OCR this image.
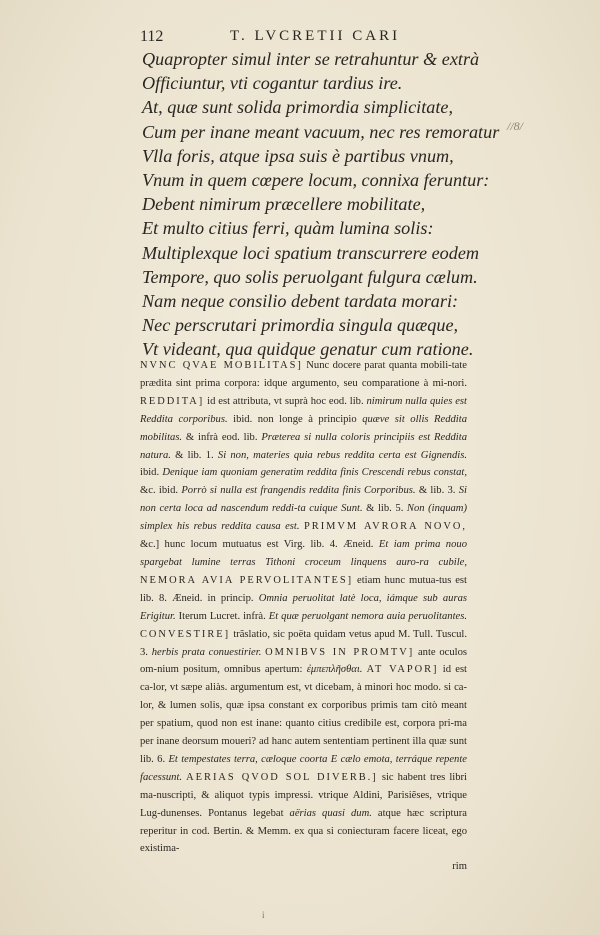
112	T. LVCRETII CARI
Quapropter simul inter se retrahuntur & extrà
Officiuntur, vti cogantur tardius ire.
At, quæ sunt solida primordia simplicitate,
Cum per inane meant vacuum, nec res remoratur
Vlla foris, atque ipsa suis è partibus vnum,
Vnum in quem cœpere locum, connixa feruntur:
Debent nimirum præcellere mobilitate,
Et multo citius ferri, quàm lumina solis:
Multiplexque loci spatium transcurrere eodem
Tempore, quo solis peruolgant fulgura cælum.
Nam neque consilio debent tardata morari:
Nec perscrutari primordia singula quæque,
Vt videant, qua quidque genatur cum ratione.
//8/

NVNC QVAE MOBILITAS] Nunc docere parat quanta mobili-tate prædita sint prima corpora: idque argumento, seu comparatione à mi-nori. REDDITA] id est attributa, vt suprà hoc eod. lib. nimirum nulla quies est Reddita corporibus. ibid. non longe à principio quæve sit ollis Reddita mobilitas. & infrà eod. lib. Præterea si nulla coloris principiis est Reddita natura. & lib. 1. Si non, materies quia rebus reddita certa est Gignendis. ibid. Denique iam quoniam generatim reddita finis Crescendi rebus constat, &c. ibid. Porrò si nulla est frangendis reddita finis Corporibus. & lib. 3. Si non certa loca ad nascendum reddi-ta cuique Sunt. & lib. 5. Non (inquam) simplex his rebus reddita causa est. PRIMVM AVRORA NOVO, &c.] hunc locum mutuatus est Virg. lib. 4. Æneid. Et iam prima nouo spargebat lumine terras Tithoni croceum linquens auro-ra cubile, NEMORA AVIA PERVOLITANTES] etiam hunc mutua-tus est lib. 8. Æneid. in princip. Omnia peruolitat latè loca, iámque sub auras Erigitur. Iterum Lucret. infrà. Et quæ peruolgant nemora auia peruolitantes. CONVESTIRE] trãslatio, sic poëta quidam vetus apud M. Tull. Tuscul. 3. herbis prata conuestirier. OMNIBVS IN PROMTV] ante oculos om-nium positum, omnibus apertum: ἐμπεπλῆσθαι. AT VAPOR] id est ca-lor, vt sæpe aliàs. argumentum est, vt dicebam, à minori hoc modo. si ca-lor, & lumen solis, quæ ipsa constant ex corporibus primis tam citò meant per spatium, quod non est inane: quanto citius credibile est, corpora pri-ma per inane deorsum moueri? ad hanc autem sententiam pertinent illa quæ sunt lib. 6. Et tempestates terra, cæloque coorta E cælo emota, terráque repente facessunt. AERIAS QVOD SOL DIVERB.] sic habent tres libri ma-nuscripti, & aliquot typis impressi. vtrique Aldini, Parisiẽses, vtrique Lug-dunenses. Pontanus legebat aërias quasi dum. atque hæc scriptura reperitur in cod. Bertin. & Memm. ex qua si coniecturam facere liceat, ego existima-
rim

i
